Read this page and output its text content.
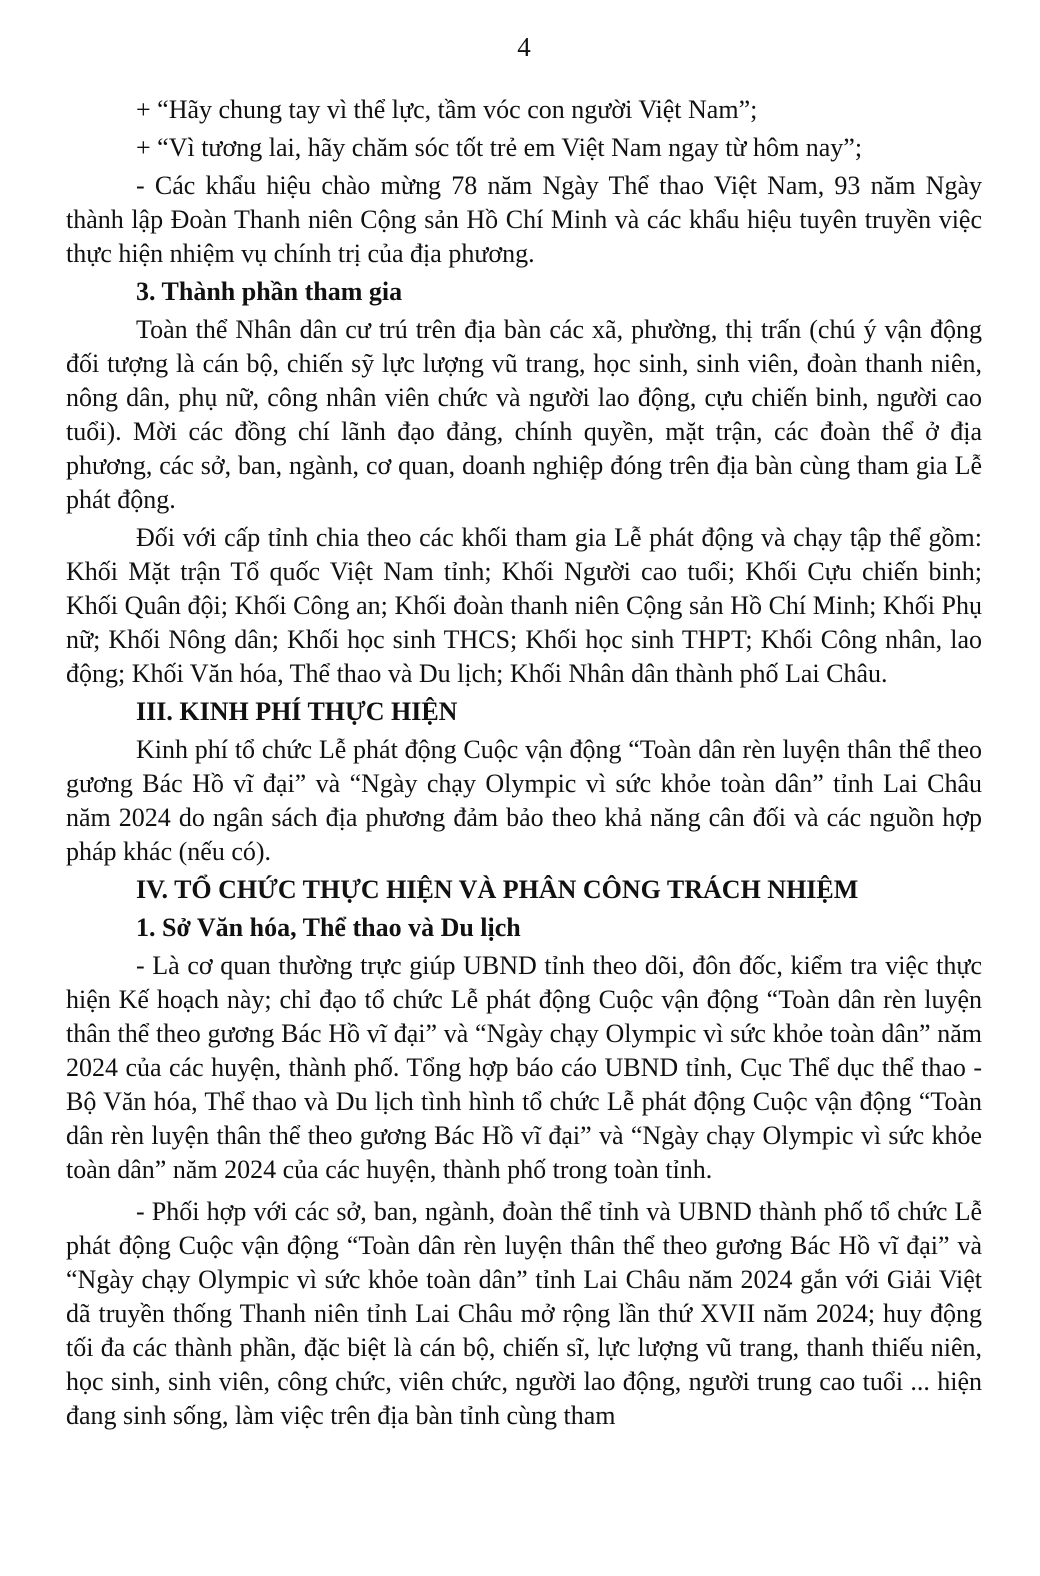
4

+ “Hãy chung tay vì thể lực, tầm vóc con người Việt Nam”;

+ “Vì tương lai, hãy chăm sóc tốt trẻ em Việt Nam ngay từ hôm nay”;

- Các khẩu hiệu chào mừng 78 năm Ngày Thể thao Việt Nam, 93 năm Ngày thành lập Đoàn Thanh niên Cộng sản Hồ Chí Minh và các khẩu hiệu tuyên truyền việc thực hiện nhiệm vụ chính trị của địa phương.

3. Thành phần tham gia

Toàn thể Nhân dân cư trú trên địa bàn các xã, phường, thị trấn (chú ý vận động đối tượng là cán bộ, chiến sỹ lực lượng vũ trang, học sinh, sinh viên, đoàn thanh niên, nông dân, phụ nữ, công nhân viên chức và người lao động, cựu chiến binh, người cao tuổi). Mời các đồng chí lãnh đạo đảng, chính quyền, mặt trận, các đoàn thể ở địa phương, các sở, ban, ngành, cơ quan, doanh nghiệp đóng trên địa bàn cùng tham gia Lễ phát động.

Đối với cấp tỉnh chia theo các khối tham gia Lễ phát động và chạy tập thể gồm: Khối Mặt trận Tổ quốc Việt Nam tỉnh; Khối Người cao tuổi; Khối Cựu chiến binh; Khối Quân đội; Khối Công an; Khối đoàn thanh niên Cộng sản Hồ Chí Minh; Khối Phụ nữ; Khối Nông dân; Khối học sinh THCS; Khối học sinh THPT; Khối Công nhân, lao động; Khối Văn hóa, Thể thao và Du lịch; Khối Nhân dân thành phố Lai Châu.

III. KINH PHÍ THỰC HIỆN

Kinh phí tổ chức Lễ phát động Cuộc vận động “Toàn dân rèn luyện thân thể theo gương Bác Hồ vĩ đại” và “Ngày chạy Olympic vì sức khỏe toàn dân” tỉnh Lai Châu năm 2024 do ngân sách địa phương đảm bảo theo khả năng cân đối và các nguồn hợp pháp khác (nếu có).

IV. TỔ CHỨC THỰC HIỆN VÀ PHÂN CÔNG TRÁCH NHIỆM
1. Sở Văn hóa, Thể thao và Du lịch

- Là cơ quan thường trực giúp UBND tỉnh theo dõi, đôn đốc, kiểm tra việc thực hiện Kế hoạch này; chỉ đạo tổ chức Lễ phát động Cuộc vận động “Toàn dân rèn luyện thân thể theo gương Bác Hồ vĩ đại” và “Ngày chạy Olympic vì sức khỏe toàn dân” năm 2024 của các huyện, thành phố. Tổng hợp báo cáo UBND tỉnh, Cục Thể dục thể thao - Bộ Văn hóa, Thể thao và Du lịch tình hình tổ chức Lễ phát động Cuộc vận động “Toàn dân rèn luyện thân thể theo gương Bác Hồ vĩ đại” và “Ngày chạy Olympic vì sức khỏe toàn dân” năm 2024 của các huyện, thành phố trong toàn tỉnh.

- Phối hợp với các sở, ban, ngành, đoàn thể tỉnh và UBND thành phố tổ chức Lễ phát động Cuộc vận động “Toàn dân rèn luyện thân thể theo gương Bác Hồ vĩ đại” và “Ngày chạy Olympic vì sức khỏe toàn dân” tỉnh Lai Châu năm 2024 gắn với Giải Việt dã truyền thống Thanh niên tỉnh Lai Châu mở rộng lần thứ XVII năm 2024; huy động tối đa các thành phần, đặc biệt là cán bộ, chiến sĩ, lực lượng vũ trang, thanh thiếu niên, học sinh, sinh viên, công chức, viên chức, người lao động, người trung cao tuổi ... hiện đang sinh sống, làm việc trên địa bàn tỉnh cùng tham
